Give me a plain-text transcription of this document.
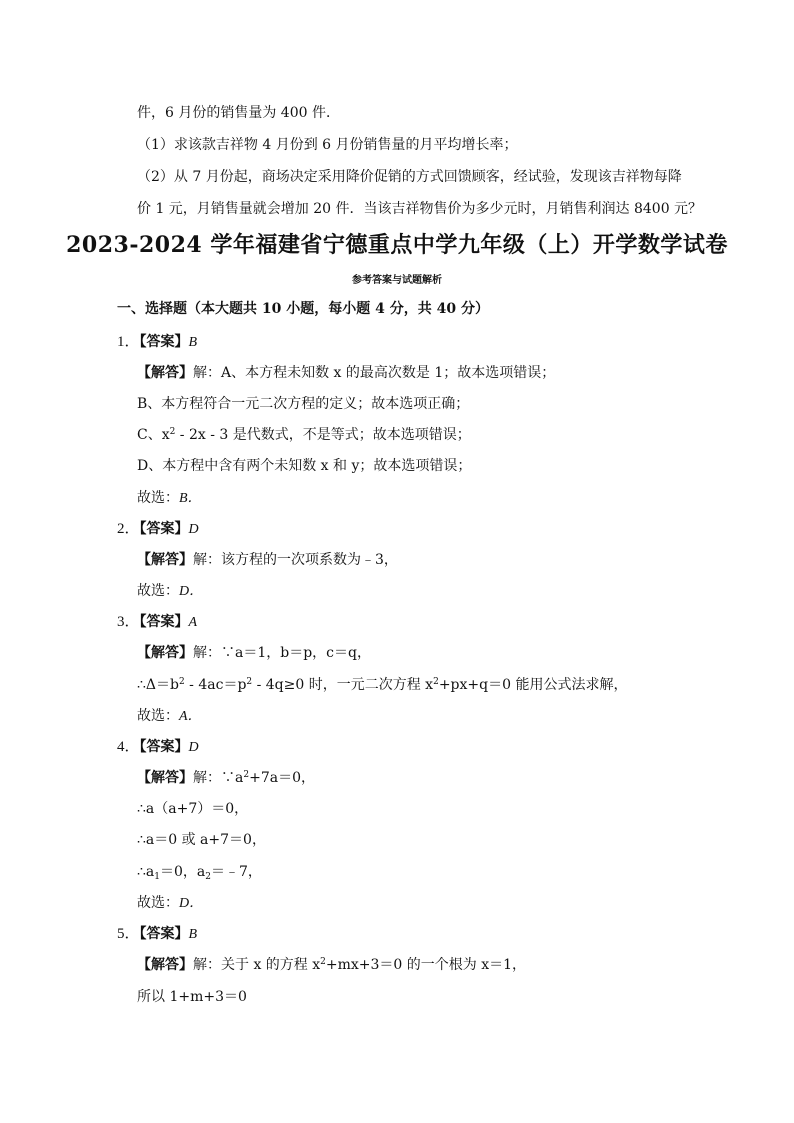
件，6 月份的销售量为 400 件．
（1）求该款吉祥物 4 月份到 6 月份销售量的月平均增长率；
（2）从 7 月份起，商场决定采用降价促销的方式回馈顾客，经试验，发现该吉祥物每降
价 1 元，月销售量就会增加 20 件．当该吉祥物售价为多少元时，月销售利润达 8400 元？
2023-2024 学年福建省宁德重点中学九年级（上）开学数学试卷
参考答案与试题解析
一、选择题（本大题共 10 小题，每小题 4 分，共 40 分）
1．【答案】B
【解答】解：A、本方程未知数 x 的最高次数是 1；故本选项错误；
B、本方程符合一元二次方程的定义；故本选项正确；
C、$x^2 - 2x - 3$ 是代数式，不是等式；故本选项错误；
D、本方程中含有两个未知数 x 和 y；故本选项错误；
故选：B．
2．【答案】D
【解答】解：该方程的一次项系数为﹣3，
故选：D．
3．【答案】A
【解答】解：∵a＝1，b＝p，c＝q，
$\therefore\Delta=b^2 - 4ac=p^2 - 4q\ge 0$ 时，一元二次方程 $x^2+px+q=0$ 能用公式法求解，
故选：A．
4．【答案】D
【解答】解：$\because a^2+7a=0$，
∴a（a+7）＝0，
∴a＝0 或 a+7＝0，
$\therefore a_1=0$，$a_2=﹣7$，
故选：D．
5．【答案】B
【解答】解：关于 x 的方程 $x^2+mx+3=0$ 的一个根为 x＝1，
所以 1+m+3＝0
